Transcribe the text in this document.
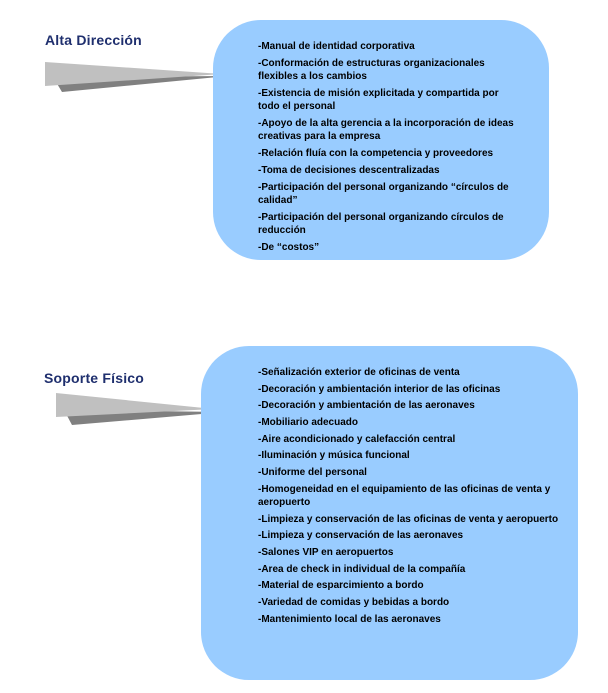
Alta Dirección	-Manual de identidad corporativa
-Conformación de estructuras organizacionales flexibles a los cambios
-Existencia de misión explicitada y compartida por todo el personal
-Apoyo de la alta gerencia a la incorporación de ideas creativas para la empresa
-Relación fluía con la competencia y proveedores
-Toma de decisiones descentralizadas
-Participación del personal organizando “círculos de calidad”
-Participación del personal organizando círculos de reducción
-De “costos”
Soporte Físico	-Señalización exterior de oficinas de venta
-Decoración y ambientación interior de las oficinas
-Decoración y ambientación de las aeronaves
-Mobiliario adecuado
-Aire acondicionado y calefacción central
-Iluminación y música funcional
-Uniforme del personal
-Homogeneidad en el equipamiento de las oficinas de venta y aeropuerto
-Limpieza y conservación de las oficinas de venta y aeropuerto
-Limpieza y conservación de las aeronaves
-Salones VIP en aeropuertos
-Area de check in individual de la compañía
-Material de esparcimiento a bordo
-Variedad de comidas y bebidas a bordo
-Mantenimiento local de las aeronaves
